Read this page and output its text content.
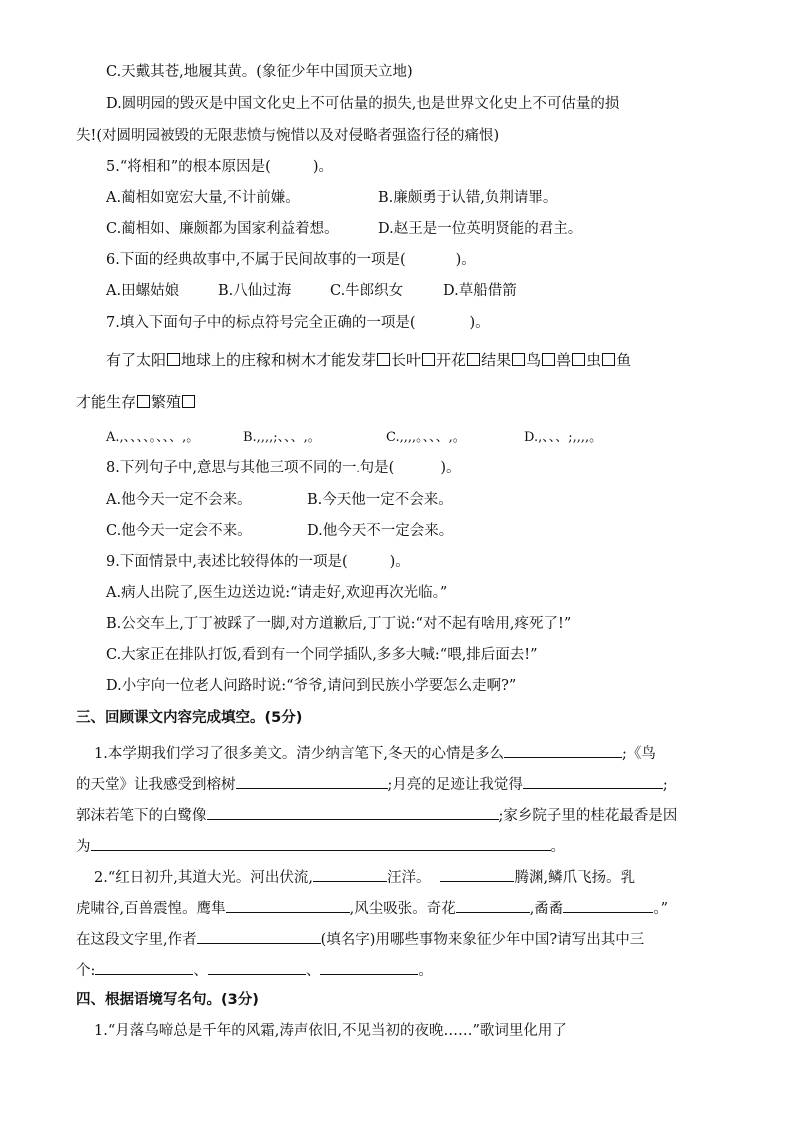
C.天戴其苍,地履其黄。(象征少年中国顶天立地)
D.圆明园的毁灭是中国文化史上不可估量的损失,也是世界文化史上不可估量的损
失!(对圆明园被毁的无限悲愤与惋惜以及对侵略者强盗行径的痛恨)
5.“将相和”的根本原因是(	)。
A.蔺相如宽宏大量,不计前嫌。	B.廉颇勇于认错,负荆请罪。
C.蔺相如、廉颇都为国家利益着想。	D.赵王是一位英明贤能的君主。
6.下面的经典故事中,不属于民间故事的一项是(	)。
A.田螺姑娘	B.八仙过海	C.牛郎织女	D.草船借箭
7.填入下面句子中的标点符号完全正确的一项是(	)。
有了太阳 地球上的庄稼和树木才能发芽 长叶 开花 结果 鸟 兽 虫 鱼
才能生存 繁殖
A.,、、、、。、、、,。	B.,,,,;、、、,。	C.,,,,。、、、,。	D.,、、、;,,,,。
8.下列句子中,意思与其他三项不同的一.句是(	)。
A.他今天一定不会来。	B.今天他一定不会来。
C.他今天一定会不来。	D.他今天不一定会来。
9.下面情景中,表述比较得体的一项是(	)。
A.病人出院了,医生边送边说:“请走好,欢迎再次光临。”
B.公交车上,丁丁被踩了一脚,对方道歉后,丁丁说:“对不起有啥用,疼死了!”
C.大家正在排队打饭,看到有一个同学插队,多多大喊:“喂,排后面去!”
D.小宇向一位老人问路时说:“爷爷,请问到民族小学要怎么走啊?”
三、回顾课文内容完成填空。(5分)
1.本学期我们学习了很多美文。清少纳言笔下,冬天的心情是多么	;《鸟
的天堂》让我感受到榕树	;月亮的足迹让我觉得	;
郭沫若笔下的白鹭像	;家乡院子里的桂花最香是因
为	。
2.“红日初升,其道大光。河出伏流,	汪洋。	腾渊,鳞爪飞扬。乳
虎啸谷,百兽震惶。鹰隼	,风尘吸张。奇花	,矞矞	。”
在这段文字里,作者	(填名字)用哪些事物来象征少年中国?请写出其中三
个:	、	、	。
四、根据语境写名句。(3分)
1.“月落乌啼总是千年的风霜,涛声依旧,不见当初的夜晚……”歌词里化用了
